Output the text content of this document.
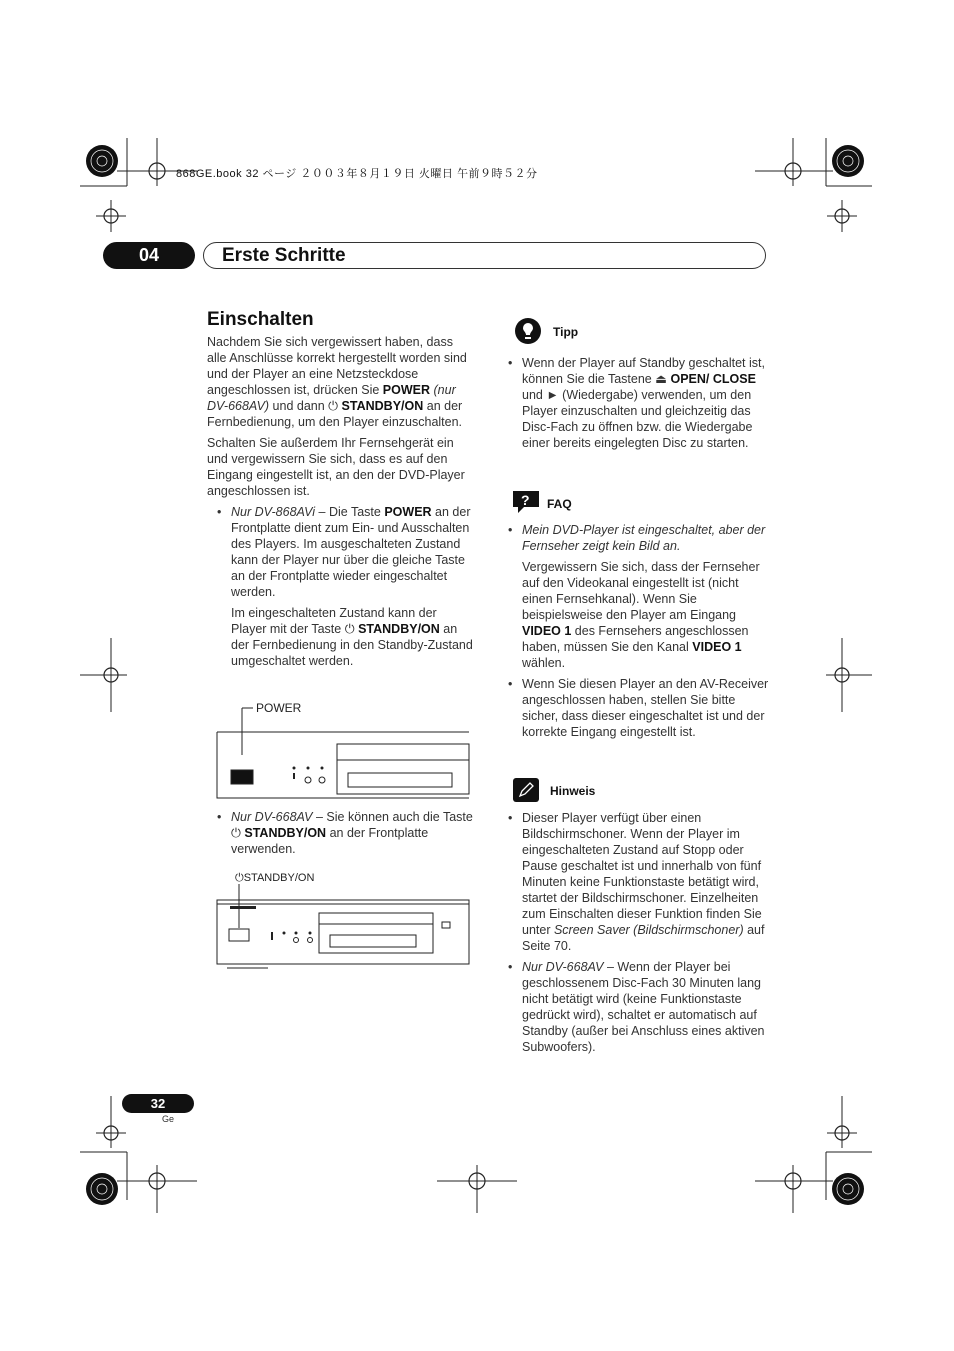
868GE.book 32 ページ ２００３年８月１９日 火曜日 午前９時５２分
04	Erste Schritte
Einschalten

Nachdem Sie sich vergewissert haben, dass alle Anschlüsse korrekt hergestellt worden sind und der Player an eine Netzsteckdose angeschlossen ist, drücken Sie POWER (nur DV-668AV) und dann ⏻ STANDBY/ON an der Fernbedienung, um den Player einzuschalten.

Schalten Sie außerdem Ihr Fernsehgerät ein und vergewissern Sie sich, dass es auf den Eingang eingestellt ist, an den der DVD-Player angeschlossen ist.

• Nur DV-868AVi – Die Taste POWER an der Frontplatte dient zum Ein- und Ausschalten des Players. Im ausgeschalteten Zustand kann der Player nur über die gleiche Taste an der Frontplatte wieder eingeschaltet werden.

Im eingeschalteten Zustand kann der Player mit der Taste ⏻ STANDBY/ON an der Fernbedienung in den Standby-Zustand umgeschaltet werden.

POWER
• Nur DV-668AV – Sie können auch die Taste
⏻ STANDBY/ON an der Frontplatte verwenden.

⏻STANDBY/ON
Tipp
• Wenn der Player auf Standby geschaltet ist, können Sie die Tastene ⏏ OPEN/ CLOSE und ► (Wiedergabe) verwenden, um den Player einzuschalten und gleichzeitig das Disc-Fach zu öffnen bzw. die Wiedergabe einer bereits eingelegten Disc zu starten.

? FAQ
• Mein DVD-Player ist eingeschaltet, aber der Fernseher zeigt kein Bild an.

Vergewissern Sie sich, dass der Fernseher auf den Videokanal eingestellt ist (nicht einen Fernsehkanal). Wenn Sie beispielsweise den Player am Eingang VIDEO 1 des Fernsehers angeschlossen haben, müssen Sie den Kanal VIDEO 1 wählen.

• Wenn Sie diesen Player an den AV-Receiver angeschlossen haben, stellen Sie bitte sicher, dass dieser eingeschaltet ist und der korrekte Eingang eingestellt ist.

Hinweis
• Dieser Player verfügt über einen Bildschirmschoner. Wenn der Player im eingeschalteten Zustand auf Stopp oder Pause geschaltet ist und innerhalb von fünf Minuten keine Funktionstaste betätigt wird, startet der Bildschirmschoner. Einzelheiten zum Einschalten dieser Funktion finden Sie unter Screen Saver (Bildschirmschoner) auf Seite 70.

• Nur DV-668AV – Wenn der Player bei geschlossenem Disc-Fach 30 Minuten lang nicht betätigt wird (keine Funktionstaste gedrückt wird), schaltet er automatisch auf Standby (außer bei Anschluss eines aktiven Subwoofers).

32
Ge
